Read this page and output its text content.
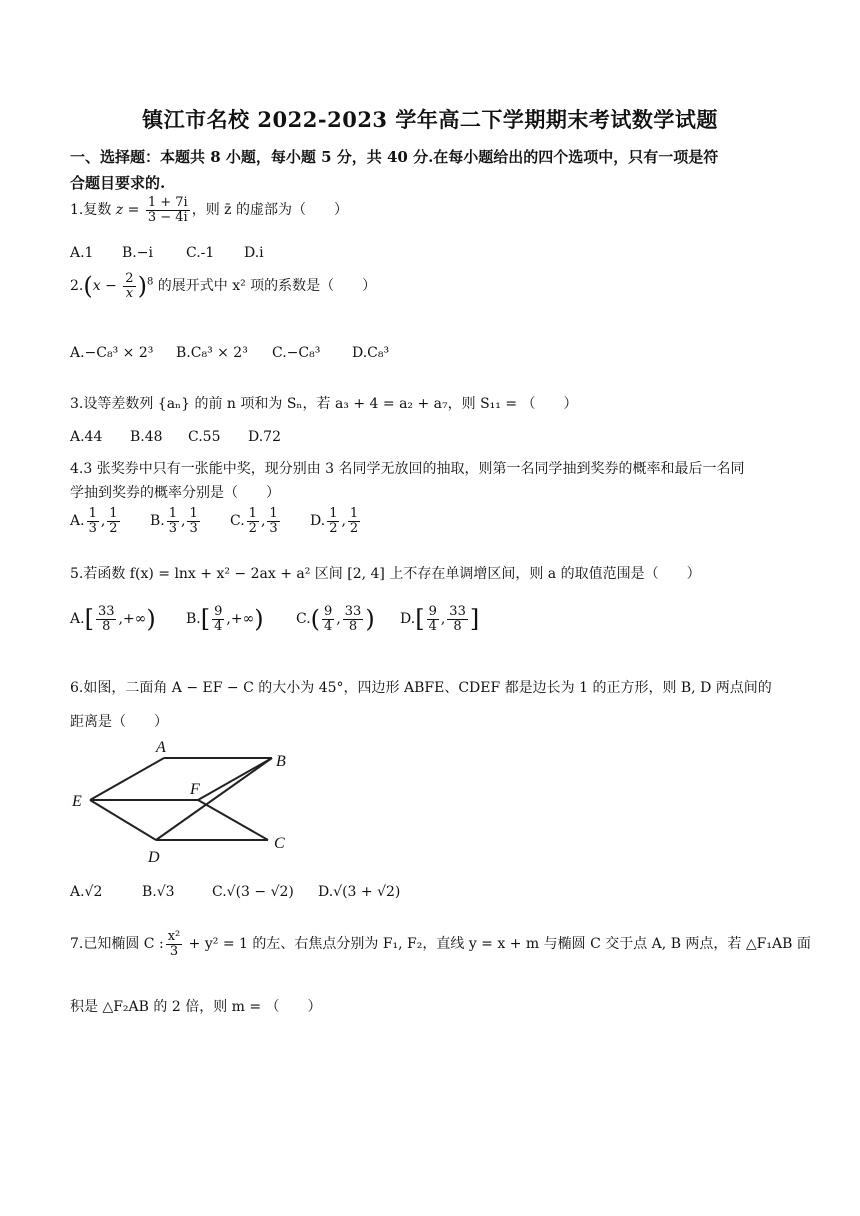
镇江市名校 2022-2023 学年高二下学期期末考试数学试题
一、选择题：本题共 8 小题，每小题 5 分，共 40 分.在每小题给出的四个选项中，只有一项是符
合题目要求的.
1.复数 $z = \frac{1 + 7i}{3 - 4i}$ ，则 z̄ 的虚部为（　　）
A.1 B.−i C.-1 D.i
$2.(x - \frac{2}{x} )^8$ 的展开式中 x² 项的系数是（　　）
A.−C₈³ × 2³ B.C₈³ × 2³ C.−C₈³ D.C₈³
3.设等差数列 {aₙ} 的前 n 项和为 Sₙ，若 a₃ + 4 = a₂ + a₇，则 S₁₁ = （　　）
A.44 B.48 C.55 D.72
4.3 张奖券中只有一张能中奖，现分别由 3 名同学无放回的抽取，则第一名同学抽到奖券的概率和最后一名同
学抽到奖券的概率分别是（　　）
A. $\frac{1}{3}$ , $\frac{1}{2} B$. $\frac{1}{3}$ , $\frac{1}{3} C$. $\frac{1}{2}$ , $\frac{1}{3} D$. $\frac{1}{2}$ , $\frac{1}{2}$
5.若函数 f(x) = lnx + x² − 2ax + a² 区间 [2, 4] 上不存在单调增区间，则 a 的取值范围是（　　）
$A.[ \frac{33}{8}$ ,+∞) $B.[ \frac{9}{4}$ ,+∞) $C.( \frac{9}{4}$ , $\frac{33}{8}$ ) $D.[ \frac{9}{4}$ , $\frac{33}{8}$ ]
6.如图，二面角 A − EF − C 的大小为 45°，四边形 ABFE、CDEF 都是边长为 1 的正方形，则 B, D 两点间的
距离是（　　）
A
B
E
F
D
C
A.√2	B.√3	C.√(3 − √2) D.√(3 + √2)
7.已知椭圆 C : $\frac{\text{x²}}{3} + y^2 = 1$ 的左、右焦点分别为 F₁, F₂，直线 y = x + m 与椭圆 C 交于点 A, B 两点，若 △F₁AB 面
积是 △F₂AB 的 2 倍，则 m = （　　）
